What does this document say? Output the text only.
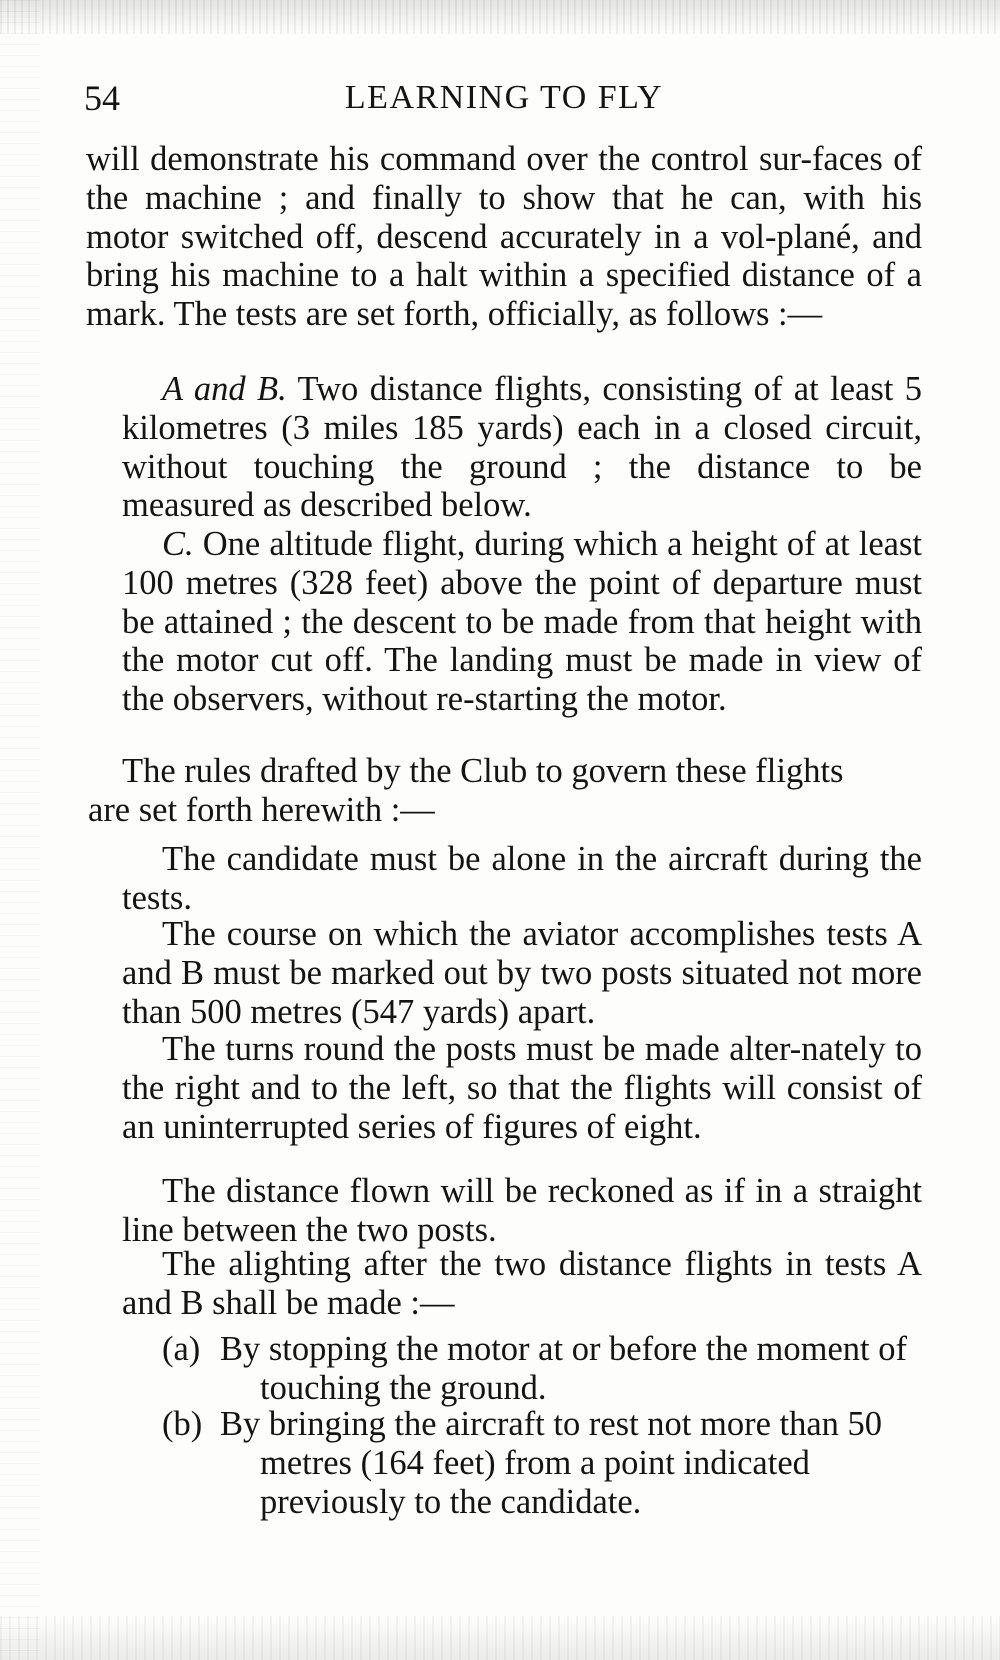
54	LEARNING TO FLY

will demonstrate his command over the control sur-faces of the machine ; and finally to show that he can, with his motor switched off, descend accurately in a vol-plané, and bring his machine to a halt within a specified distance of a mark. The tests are set forth, officially, as follows :—

A and B. Two distance flights, consisting of at least 5 kilometres (3 miles 185 yards) each in a closed circuit, without touching the ground ; the distance to be measured as described below.

C. One altitude flight, during which a height of at least 100 metres (328 feet) above the point of departure must be attained ; the descent to be made from that height with the motor cut off. The landing must be made in view of the observers, without re-starting the motor.

The rules drafted by the Club to govern these flights
are set forth herewith :—

The candidate must be alone in the aircraft during the tests.

The course on which the aviator accomplishes tests A and B must be marked out by two posts situated not more than 500 metres (547 yards) apart.

The turns round the posts must be made alter-nately to the right and to the left, so that the flights will consist of an uninterrupted series of figures of eight.

The distance flown will be reckoned as if in a straight line between the two posts.

The alighting after the two distance flights in tests A and B shall be made :—

(a) By stopping the motor at or before the moment of touching the ground.
(b) By bringing the aircraft to rest not more than 50 metres (164 feet) from a point indicated previously to the candidate.
